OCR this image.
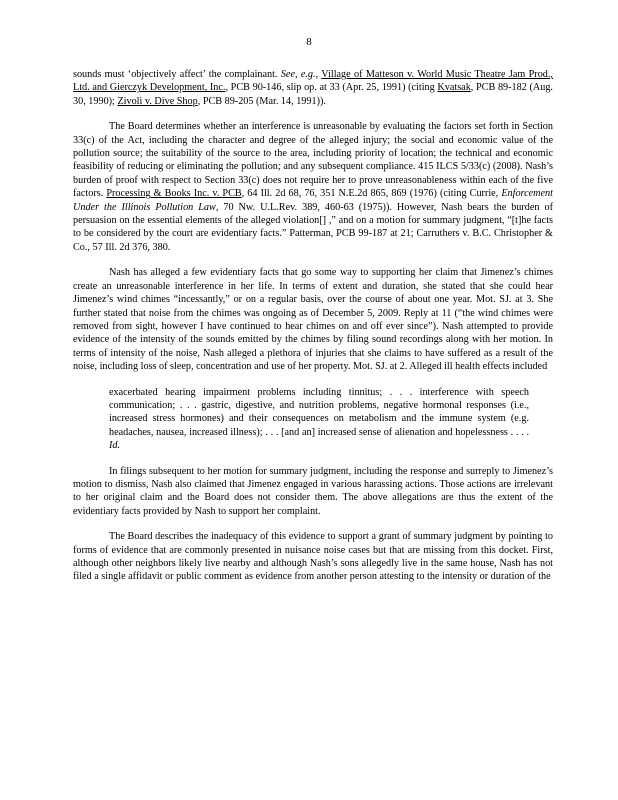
8

sounds must ‘objectively affect’ the complainant. See, e.g., Village of Matteson v. World Music Theatre Jam Prod., Ltd. and Gierczyk Development, Inc., PCB 90-146, slip op. at 33 (Apr. 25, 1991) (citing Kvatsak, PCB 89-182 (Aug. 30, 1990); Zivoli v. Dive Shop, PCB 89-205 (Mar. 14, 1991)).

The Board determines whether an interference is unreasonable by evaluating the factors set forth in Section 33(c) of the Act, including the character and degree of the alleged injury; the social and economic value of the pollution source; the suitability of the source to the area, including priority of location; the technical and economic feasibility of reducing or eliminating the pollution; and any subsequent compliance. 415 ILCS 5/33(c) (2008). Nash’s burden of proof with respect to Section 33(c) does not require her to prove unreasonableness within each of the five factors. Processing & Books Inc. v. PCB, 64 Ill. 2d 68, 76, 351 N.E.2d 865, 869 (1976) (citing Currie, Enforcement Under the Illinois Pollution Law, 70 Nw. U.L.Rev. 389, 460-63 (1975)). However, Nash bears the burden of persuasion on the essential elements of the alleged violation[] ,” and on a motion for summary judgment, “[t]he facts to be considered by the court are evidentiary facts.” Patterman, PCB 99-187 at 21; Carruthers v. B.C. Christopher & Co., 57 Ill. 2d 376, 380.

Nash has alleged a few evidentiary facts that go some way to supporting her claim that Jimenez’s chimes create an unreasonable interference in her life. In terms of extent and duration, she stated that she could hear Jimenez’s wind chimes “incessantly,” or on a regular basis, over the course of about one year. Mot. SJ. at 3. She further stated that noise from the chimes was ongoing as of December 5, 2009. Reply at 11 (“the wind chimes were removed from sight, however I have continued to hear chimes on and off ever since”). Nash attempted to provide evidence of the intensity of the sounds emitted by the chimes by filing sound recordings along with her motion. In terms of intensity of the noise, Nash alleged a plethora of injuries that she claims to have suffered as a result of the noise, including loss of sleep, concentration and use of her property. Mot. SJ. at 2. Alleged ill health effects included

exacerbated hearing impairment problems including tinnitus; . . . interference with speech communication; . . . gastric, digestive, and nutrition problems, negative hormonal responses (i.e., increased stress hormones) and their consequences on metabolism and the immune system (e.g. headaches, nausea, increased illness); . . . [and an] increased sense of alienation and hopelessness . . . . Id.

In filings subsequent to her motion for summary judgment, including the response and surreply to Jimenez’s motion to dismiss, Nash also claimed that Jimenez engaged in various harassing actions. Those actions are irrelevant to her original claim and the Board does not consider them. The above allegations are thus the extent of the evidentiary facts provided by Nash to support her complaint.

The Board describes the inadequacy of this evidence to support a grant of summary judgment by pointing to forms of evidence that are commonly presented in nuisance noise cases but that are missing from this docket. First, although other neighbors likely live nearby and although Nash’s sons allegedly live in the same house, Nash has not filed a single affidavit or public comment as evidence from another person attesting to the intensity or duration of the
